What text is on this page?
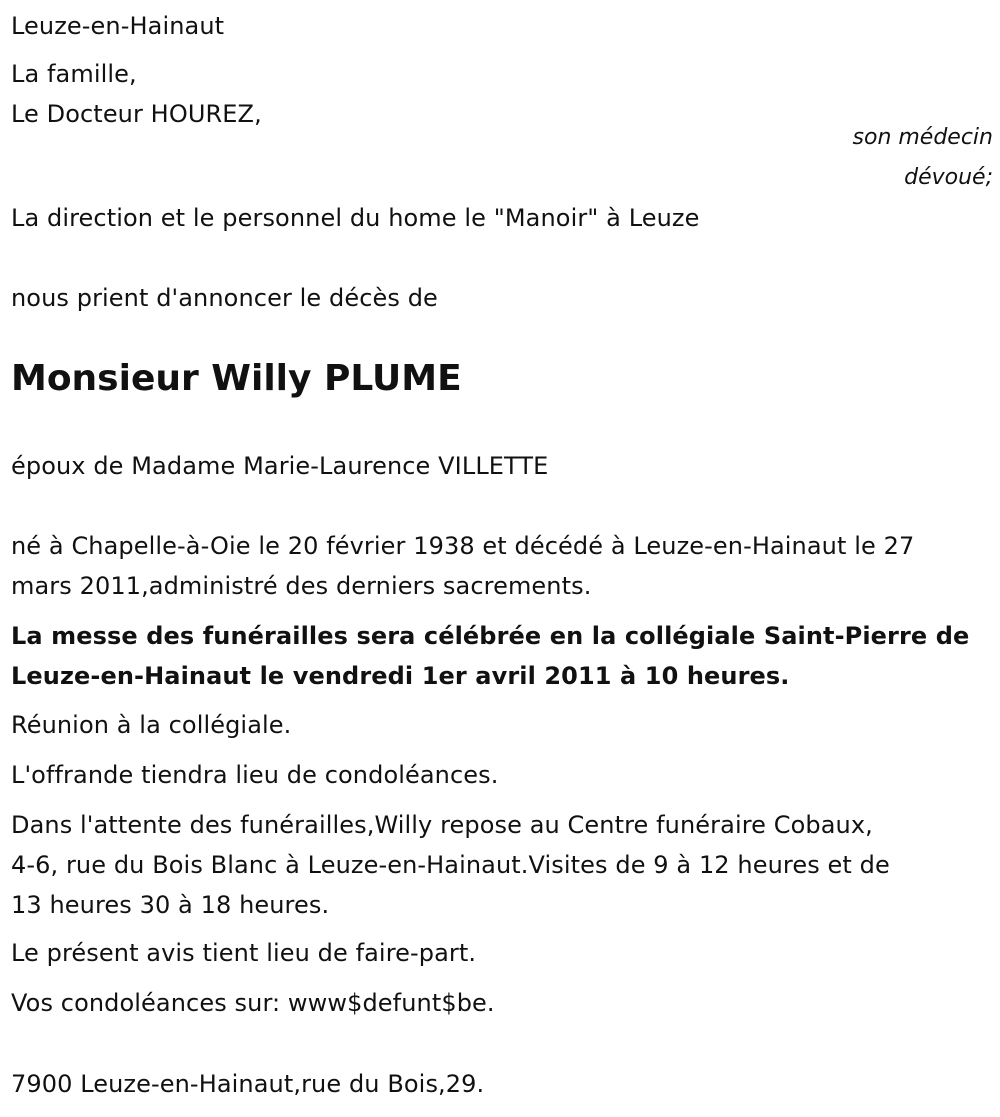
Leuze-en-Hainaut
La famille,
Le Docteur HOUREZ,
son médecin
dévoué;
La direction et le personnel du home le "Manoir" à Leuze
nous prient d'annoncer le décès de
Monsieur Willy PLUME
époux de Madame Marie-Laurence VILLETTE
né à Chapelle-à-Oie le 20 février 1938 et décédé à Leuze-en-Hainaut le 27
mars 2011,administré des derniers sacrements.
La messe des funérailles sera célébrée en la collégiale Saint-Pierre de
Leuze-en-Hainaut le vendredi 1er avril 2011 à 10 heures.
Réunion à la collégiale.
L'offrande tiendra lieu de condoléances.
Dans l'attente des funérailles,Willy repose au Centre funéraire Cobaux,
4-6, rue du Bois Blanc à Leuze-en-Hainaut.Visites de 9 à 12 heures et de
13 heures 30 à 18 heures.
Le présent avis tient lieu de faire-part.
Vos condoléances sur: www$defunt$be.
7900 Leuze-en-Hainaut,rue du Bois,29.
